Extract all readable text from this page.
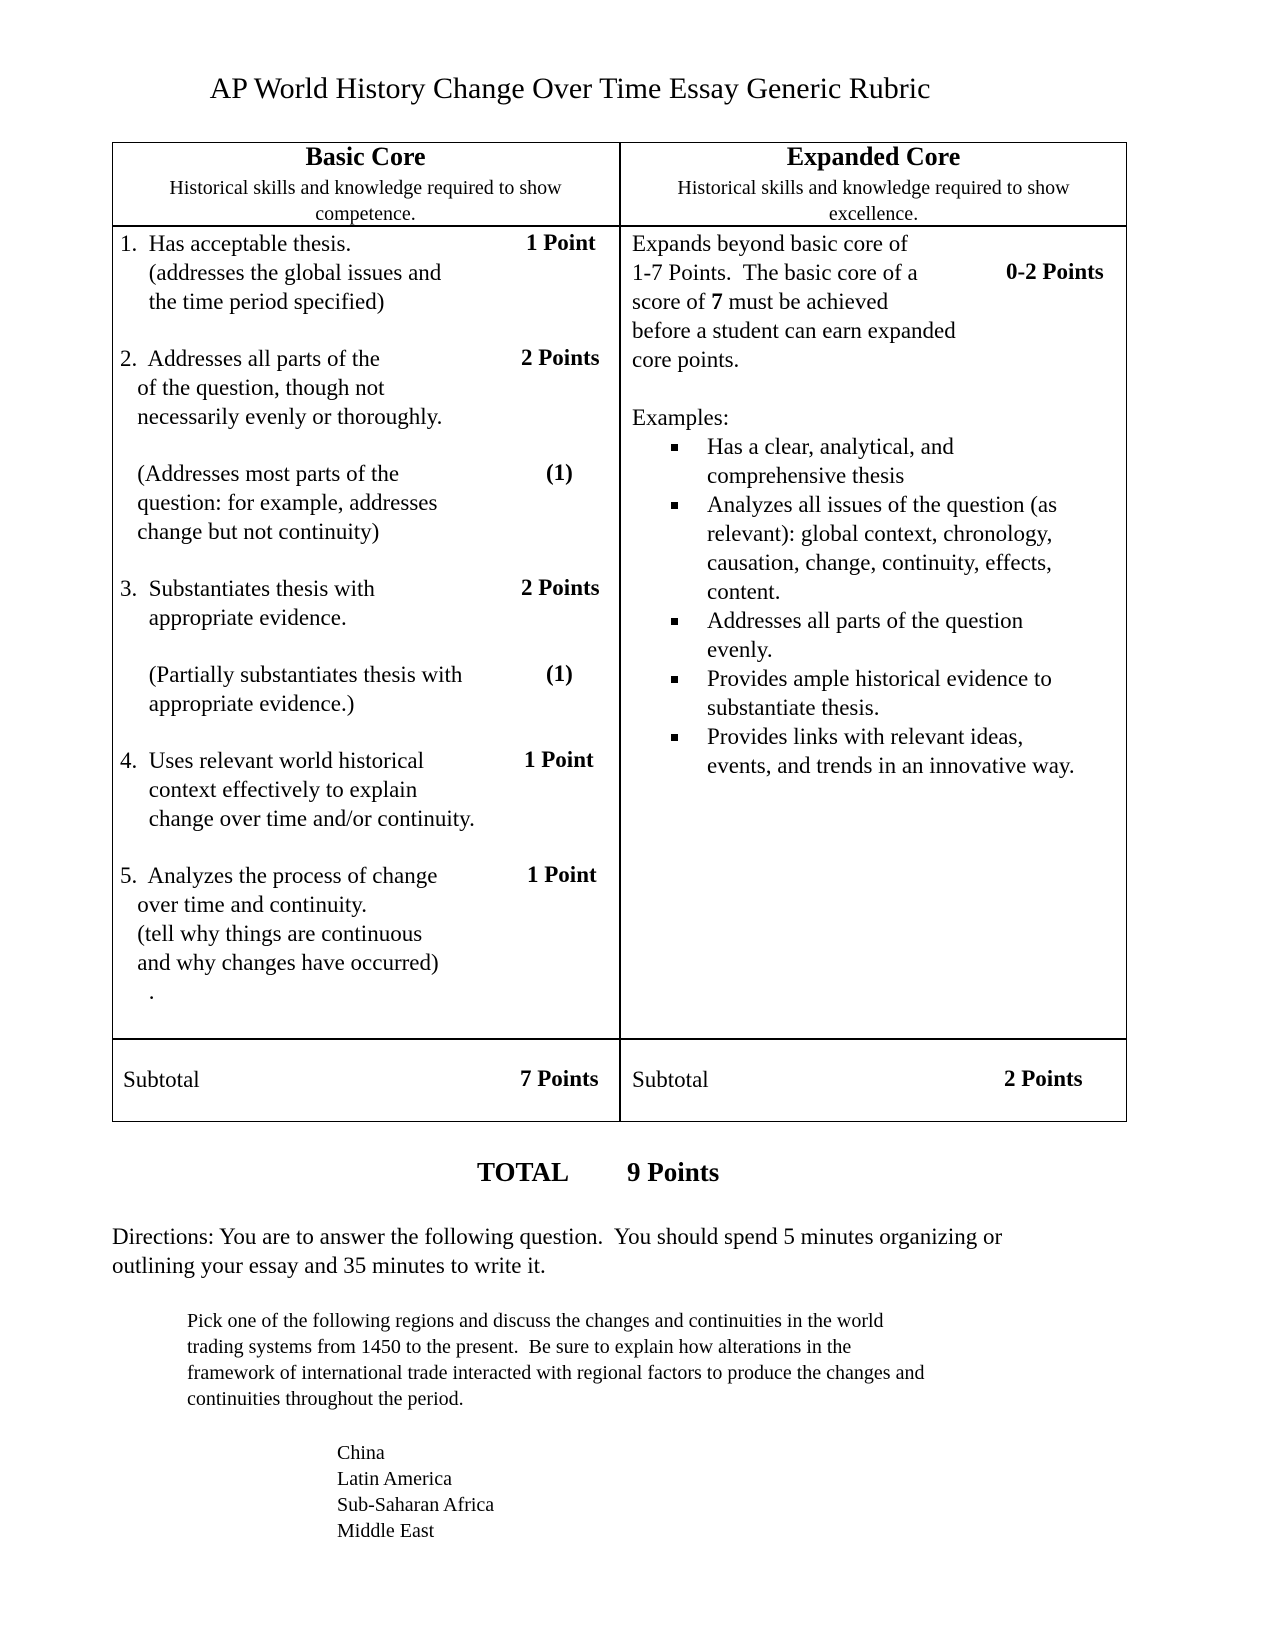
AP World History Change Over Time Essay Generic Rubric
Basic Core
Historical skills and knowledge required to show competence.
Expanded Core
Historical skills and knowledge required to show excellence.
1.  Has acceptable thesis.
(addresses the global issues and
the time period specified)
1 Point
2.  Addresses all parts of the
of the question, though not
necessarily evenly or thoroughly.
2 Points
(Addresses most parts of the
question: for example, addresses
change but not continuity)
(1)
3.  Substantiates thesis with
appropriate evidence.
2 Points
(Partially substantiates thesis with
appropriate evidence.)
(1)
4.  Uses relevant world historical
context effectively to explain
change over time and/or continuity.
1 Point
5.  Analyzes the process of change
over time and continuity.
(tell why things are continuous
and why changes have occurred)
.
1 Point
Expands beyond basic core of
1-7 Points.  The basic core of a
score of 7 must be achieved
before a student can earn expanded
core points.
0-2 Points
Examples:
Has a clear, analytical, and
comprehensive thesis
Analyzes all issues of the question (as
relevant): global context, chronology,
causation, change, continuity, effects,
content.
Addresses all parts of the question
evenly.
Provides ample historical evidence to
substantiate thesis.
Provides links with relevant ideas,
events, and trends in an innovative way.
Subtotal	7 Points Subtotal	2 Points
TOTAL 9 Points
Directions: You are to answer the following question.  You should spend 5 minutes organizing or
outlining your essay and 35 minutes to write it.
Pick one of the following regions and discuss the changes and continuities in the world
trading systems from 1450 to the present.  Be sure to explain how alterations in the
framework of international trade interacted with regional factors to produce the changes and
continuities throughout the period.
China
Latin America
Sub-Saharan Africa
Middle East
